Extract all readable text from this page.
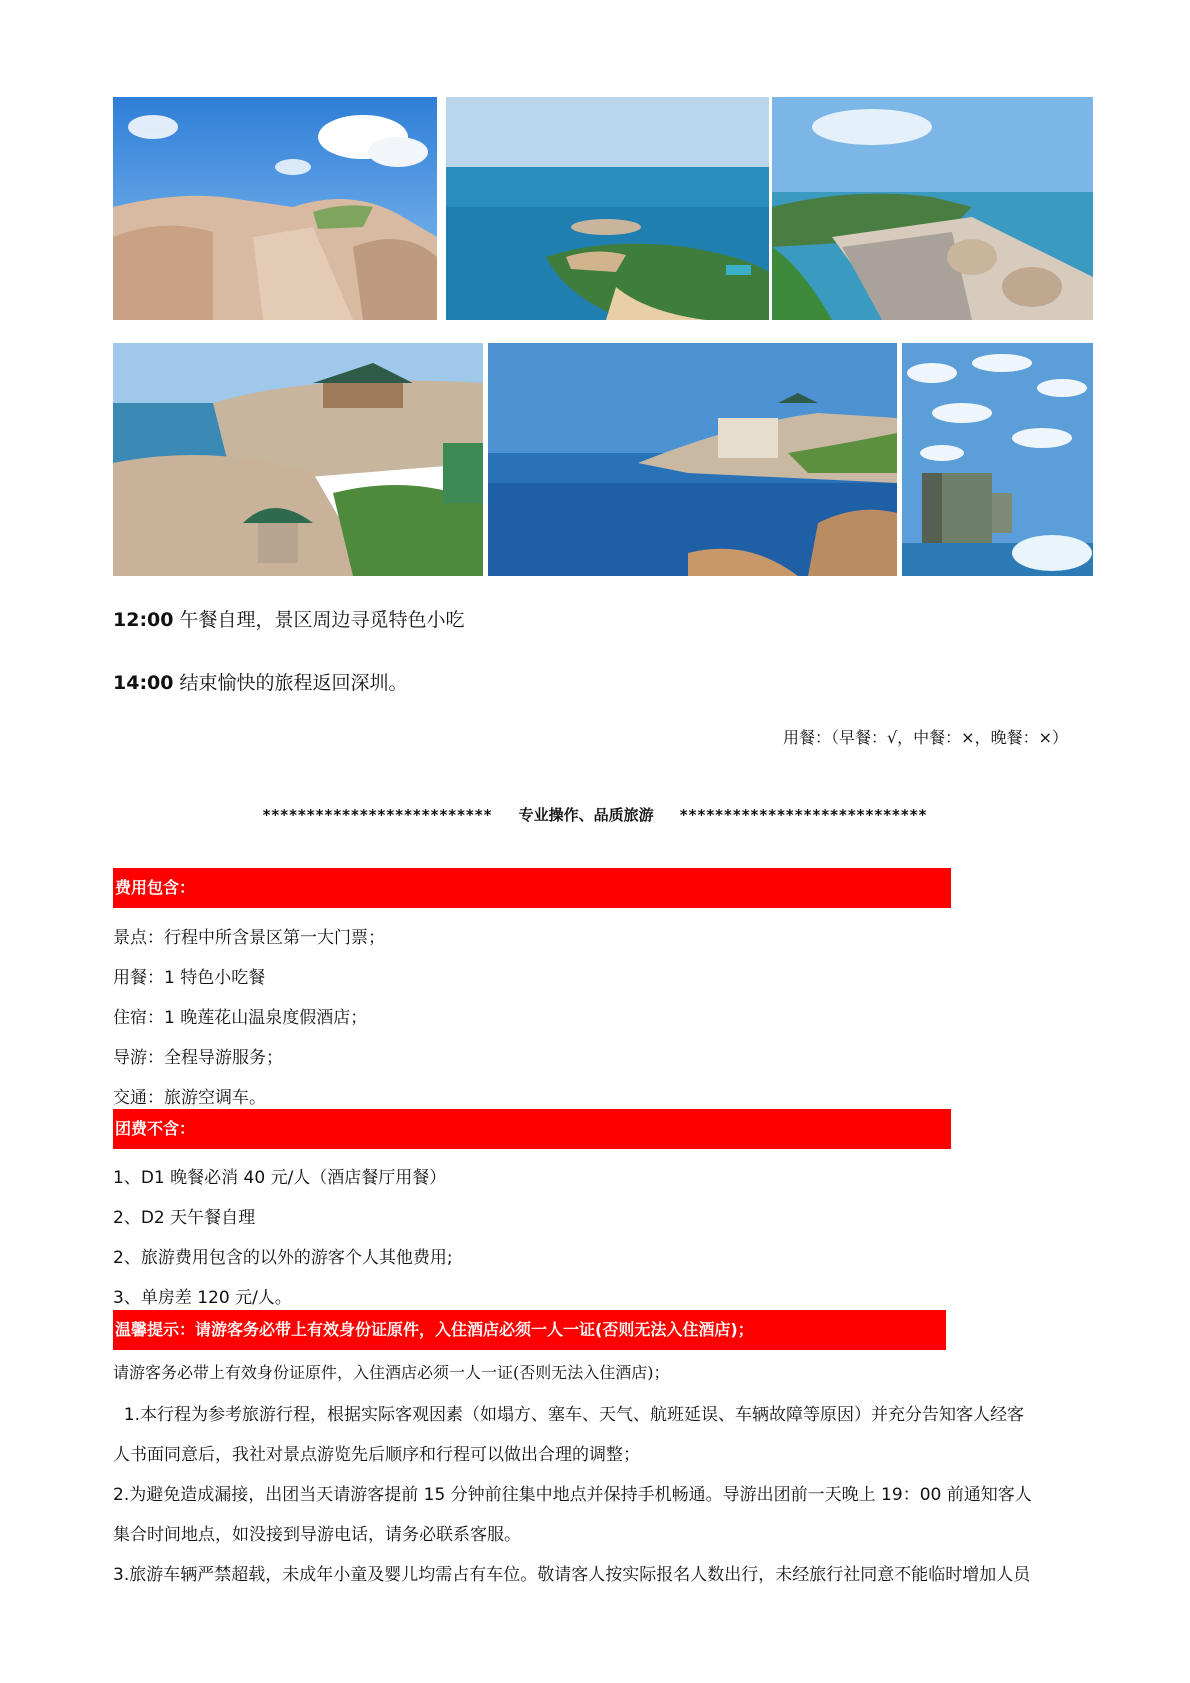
12:00 午餐自理，景区周边寻觅特色小吃
14:00 结束愉快的旅程返回深圳。
用餐：（早餐：√，中餐：×，晚餐：×）
************************** 专业操作、品质旅游 ****************************
费用包含：
景点：行程中所含景区第一大门票；
用餐：1 特色小吃餐
住宿：1 晚莲花山温泉度假酒店；
导游：全程导游服务；
交通：旅游空调车。
团费不含：
1、D1 晚餐必消 40 元/人（酒店餐厅用餐）
2、D2 天午餐自理
2、旅游费用包含的以外的游客个人其他费用;
3、单房差 120 元/人。
温馨提示：请游客务必带上有效身份证原件，入住酒店必须一人一证(否则无法入住酒店)；
请游客务必带上有效身份证原件，入住酒店必须一人一证(否则无法入住酒店)；
1.本行程为参考旅游行程，根据实际客观因素（如塌方、塞车、天气、航班延误、车辆故障等原因）并充分告知客人经客
人书面同意后，我社对景点游览先后顺序和行程可以做出合理的调整；
2.为避免造成漏接，出团当天请游客提前 15 分钟前往集中地点并保持手机畅通。导游出团前一天晚上 19：00 前通知客人
集合时间地点，如没接到导游电话，请务必联系客服。
3.旅游车辆严禁超载，未成年小童及婴儿均需占有车位。敬请客人按实际报名人数出行，未经旅行社同意不能临时增加人员
